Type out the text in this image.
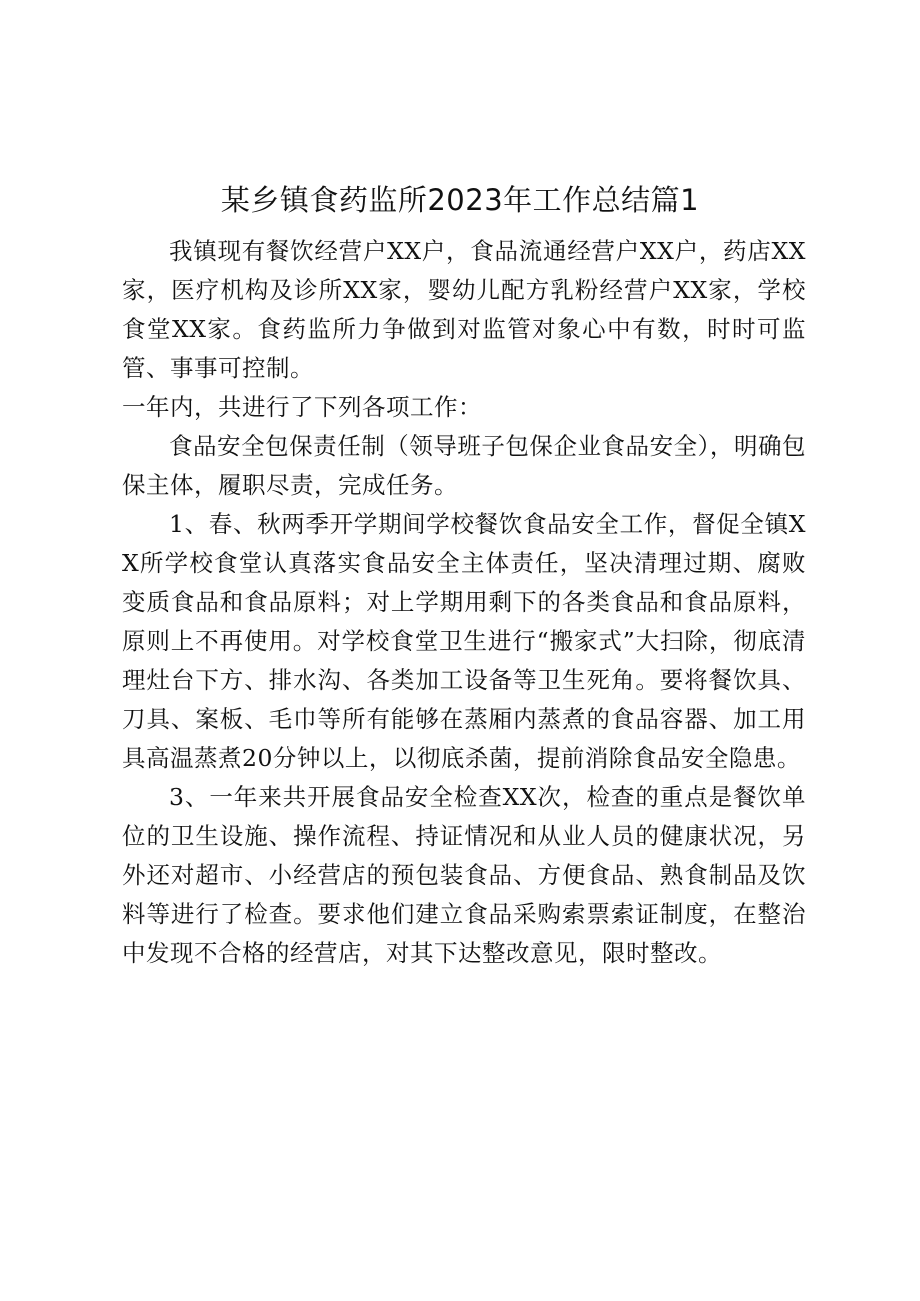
某乡镇食药监所2023年工作总结篇1

我镇现有餐饮经营户XX户，食品流通经营户XX户，药店XX家，医疗机构及诊所XX家，婴幼儿配方乳粉经营户XX家，学校食堂XX家。食药监所力争做到对监管对象心中有数，时时可监管、事事可控制。

一年内，共进行了下列各项工作：

食品安全包保责任制（领导班子包保企业食品安全），明确包保主体，履职尽责，完成任务。

1、春、秋两季开学期间学校餐饮食品安全工作，督促全镇XX所学校食堂认真落实食品安全主体责任，坚决清理过期、腐败变质食品和食品原料；对上学期用剩下的各类食品和食品原料，原则上不再使用。对学校食堂卫生进行“搬家式”大扫除，彻底清理灶台下方、排水沟、各类加工设备等卫生死角。要将餐饮具、刀具、案板、毛巾等所有能够在蒸厢内蒸煮的食品容器、加工用具高温蒸煮20分钟以上，以彻底杀菌，提前消除食品安全隐患。

3、一年来共开展食品安全检查XX次，检查的重点是餐饮单位的卫生设施、操作流程、持证情况和从业人员的健康状况，另外还对超市、小经营店的预包装食品、方便食品、熟食制品及饮料等进行了检查。要求他们建立食品采购索票索证制度，在整治中发现不合格的经营店，对其下达整改意见，限时整改。
